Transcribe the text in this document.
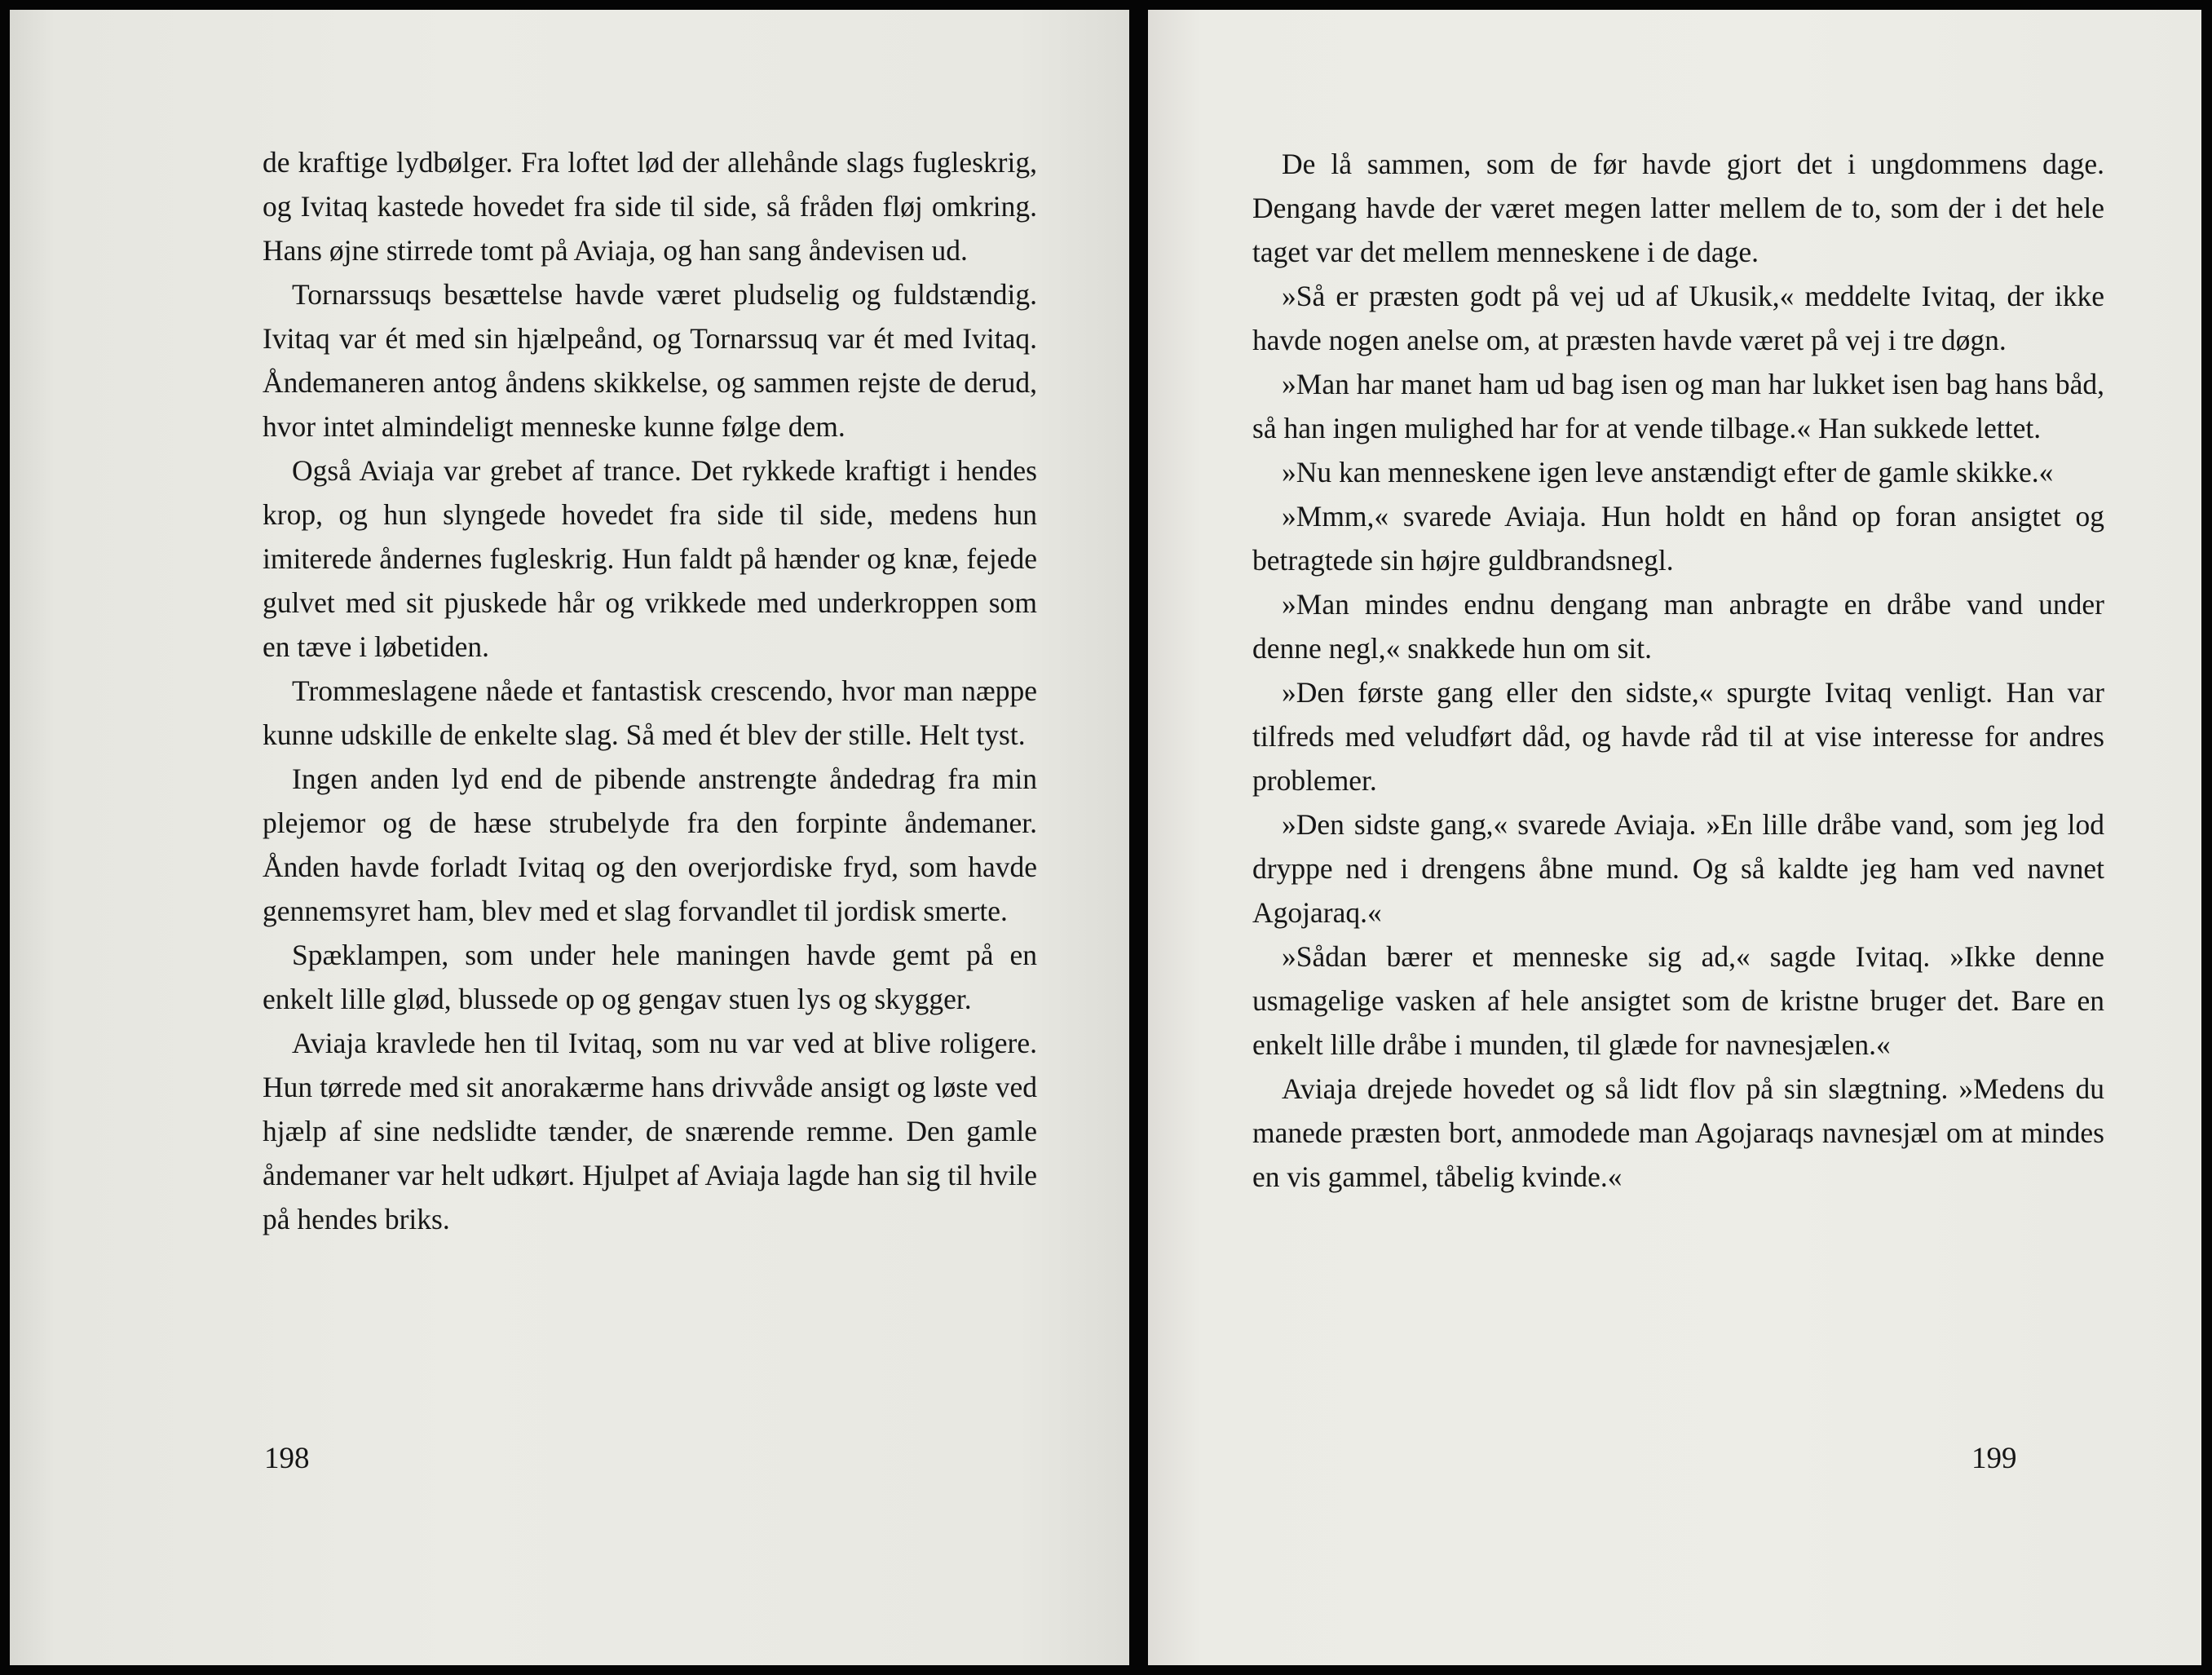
de kraftige lydbølger. Fra loftet lød der allehånde slags fugleskrig, og Ivitaq kastede hovedet fra side til side, så fråden fløj omkring. Hans øjne stirrede tomt på Aviaja, og han sang åndevisen ud.

Tornarssuqs besættelse havde været pludselig og fuldstændig. Ivitaq var ét med sin hjælpeånd, og Tornarssuq var ét med Ivitaq. Åndemaneren antog åndens skikkelse, og sammen rejste de derud, hvor intet almindeligt menneske kunne følge dem.

Også Aviaja var grebet af trance. Det rykkede kraftigt i hendes krop, og hun slyngede hovedet fra side til side, medens hun imiterede åndernes fugleskrig. Hun faldt på hænder og knæ, fejede gulvet med sit pjuskede hår og vrikkede med underkroppen som en tæve i løbetiden.

Trommeslagene nåede et fantastisk crescendo, hvor man næppe kunne udskille de enkelte slag. Så med ét blev der stille. Helt tyst.

Ingen anden lyd end de pibende anstrengte åndedrag fra min plejemor og de hæse strubelyde fra den forpinte åndemaner. Ånden havde forladt Ivitaq og den overjordiske fryd, som havde gennemsyret ham, blev med et slag forvandlet til jordisk smerte.

Spæklampen, som under hele maningen havde gemt på en enkelt lille glød, blussede op og gengav stuen lys og skygger.

Aviaja kravlede hen til Ivitaq, som nu var ved at blive roligere. Hun tørrede med sit anorakærme hans drivvåde ansigt og løste ved hjælp af sine nedslidte tænder, de snærende remme. Den gamle åndemaner var helt udkørt. Hjulpet af Aviaja lagde han sig til hvile på hendes briks.

198

De lå sammen, som de før havde gjort det i ungdommens dage. Dengang havde der været megen latter mellem de to, som der i det hele taget var det mellem menneskene i de dage.

»Så er præsten godt på vej ud af Ukusik,« meddelte Ivitaq, der ikke havde nogen anelse om, at præsten havde været på vej i tre døgn.

»Man har manet ham ud bag isen og man har lukket isen bag hans båd, så han ingen mulighed har for at vende tilbage.« Han sukkede lettet.

»Nu kan menneskene igen leve anstændigt efter de gamle skikke.«

»Mmm,« svarede Aviaja. Hun holdt en hånd op foran ansigtet og betragtede sin højre guldbrandsnegl.

»Man mindes endnu dengang man anbragte en dråbe vand under denne negl,« snakkede hun om sit.

»Den første gang eller den sidste,« spurgte Ivitaq venligt. Han var tilfreds med veludført dåd, og havde råd til at vise interesse for andres problemer.

»Den sidste gang,« svarede Aviaja. »En lille dråbe vand, som jeg lod dryppe ned i drengens åbne mund. Og så kaldte jeg ham ved navnet Agojaraq.«

»Sådan bærer et menneske sig ad,« sagde Ivitaq. »Ikke denne usmagelige vasken af hele ansigtet som de kristne bruger det. Bare en enkelt lille dråbe i munden, til glæde for navnesjælen.«

Aviaja drejede hovedet og så lidt flov på sin slægtning. »Medens du manede præsten bort, anmodede man Agojaraqs navnesjæl om at mindes en vis gammel, tåbelig kvinde.«

199
